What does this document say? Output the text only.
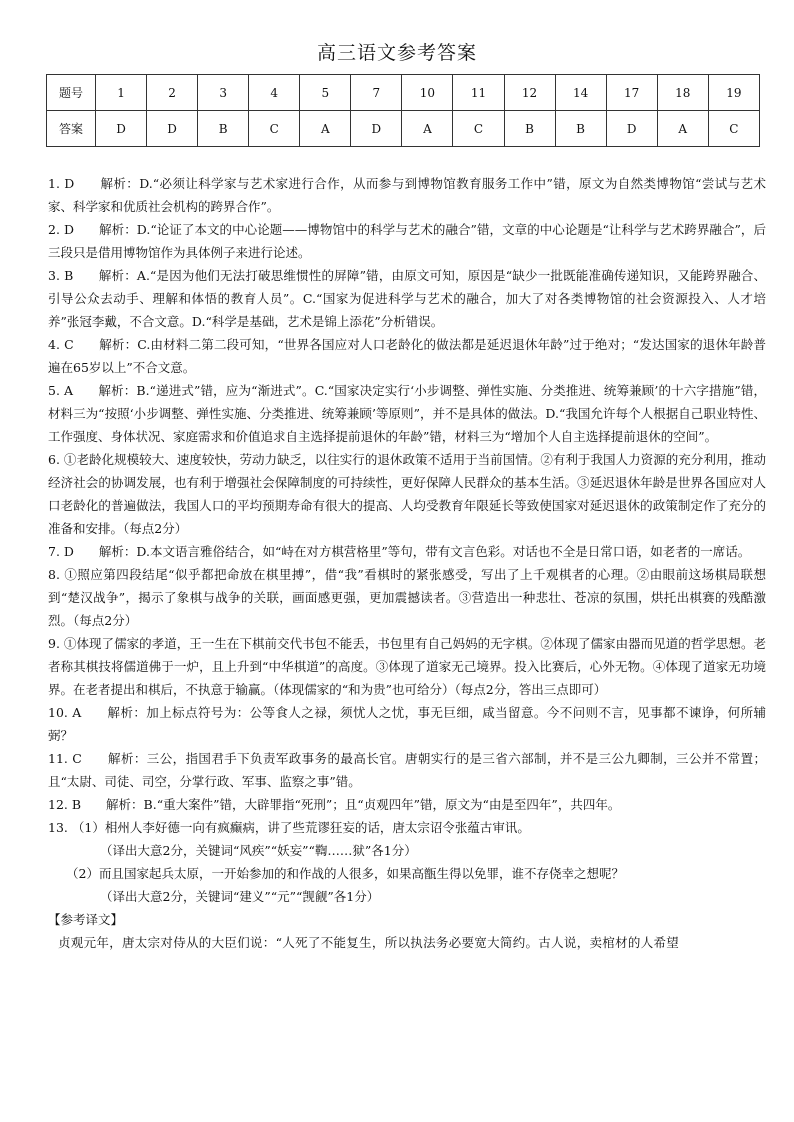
高三语文参考答案
题号	1	2	3	4	5	7	10	11	12	14	17	18	19
答案	D	D	B	C	A	D	A	C	B	B	D	A	C

1. D　　解析：D.“必须让科学家与艺术家进行合作，从而参与到博物馆教育服务工作中”错，原文为自然类博物馆“尝试与艺术家、科学家和优质社会机构的跨界合作”。

2. D　　解析：D.“论证了本文的中心论题——博物馆中的科学与艺术的融合”错，文章的中心论题是“让科学与艺术跨界融合”，后三段只是借用博物馆作为具体例子来进行论述。

3. B　　解析：A.“是因为他们无法打破思维惯性的屏障”错，由原文可知，原因是“缺少一批既能准确传递知识，又能跨界融合、引导公众去动手、理解和体悟的教育人员”。C.“国家为促进科学与艺术的融合，加大了对各类博物馆的社会资源投入、人才培养”张冠李戴，不合文意。D.“科学是基础，艺术是锦上添花”分析错误。

4. C　　解析：C.由材料二第二段可知，“世界各国应对人口老龄化的做法都是延迟退休年龄”过于绝对；“发达国家的退休年龄普遍在65岁以上”不合文意。

5. A　　解析：B.“递进式”错，应为“渐进式”。C.“国家决定实行‘小步调整、弹性实施、分类推进、统筹兼顾’的十六字措施”错，材料三为“按照‘小步调整、弹性实施、分类推进、统筹兼顾’等原则”，并不是具体的做法。D.“我国允许每个人根据自己职业特性、工作强度、身体状况、家庭需求和价值追求自主选择提前退休的年龄”错，材料三为“增加个人自主选择提前退休的空间”。

6. ①老龄化规模较大、速度较快，劳动力缺乏，以往实行的退休政策不适用于当前国情。②有利于我国人力资源的充分利用，推动经济社会的协调发展，也有利于增强社会保障制度的可持续性，更好保障人民群众的基本生活。③延迟退休年龄是世界各国应对人口老龄化的普遍做法，我国人口的平均预期寿命有很大的提高、人均受教育年限延长等致使国家对延迟退休的政策制定作了充分的准备和安排。（每点2分）

7. D　　解析：D.本文语言雅俗结合，如“峙在对方棋营格里”等句，带有文言色彩。对话也不全是日常口语，如老者的一席话。

8. ①照应第四段结尾“似乎都把命放在棋里搏”，借“我”看棋时的紧张感受，写出了上千观棋者的心理。②由眼前这场棋局联想到“楚汉战争”，揭示了象棋与战争的关联，画面感更强，更加震撼读者。③营造出一种悲壮、苍凉的氛围，烘托出棋赛的残酷激烈。（每点2分）

9. ①体现了儒家的孝道，王一生在下棋前交代书包不能丢，书包里有自己妈妈的无字棋。②体现了儒家由器而见道的哲学思想。老者称其棋技将儒道佛于一炉，且上升到“中华棋道”的高度。③体现了道家无己境界。投入比赛后，心外无物。④体现了道家无功境界。在老者提出和棋后，不执意于输赢。（体现儒家的“和为贵”也可给分）（每点2分，答出三点即可）

10. A　　解析：加上标点符号为：公等食人之禄，须忧人之忧，事无巨细，咸当留意。今不问则不言，见事都不谏诤，何所辅弼？

11. C　　解析：三公，指国君手下负责军政事务的最高长官。唐朝实行的是三省六部制，并不是三公九卿制，三公并不常置；且“太尉、司徒、司空，分掌行政、军事、监察之事”错。

12. B　　解析：B.“重大案件”错，大辟罪指“死刑”；且“贞观四年”错，原文为“由是至四年”，共四年。

13. （1）相州人李好德一向有疯癫病，讲了些荒谬狂妄的话，唐太宗诏令张蕴古审讯。

（译出大意2分，关键词“风疾”“妖妄”“鞫……狱”各1分）

（2）而且国家起兵太原，一开始参加的和作战的人很多，如果高甑生得以免罪，谁不存侥幸之想呢？

（译出大意2分，关键词“建义”“元”“觊觎”各1分）

【参考译文】

贞观元年，唐太宗对侍从的大臣们说：“人死了不能复生，所以执法务必要宽大简约。古人说，卖棺材的人希望
